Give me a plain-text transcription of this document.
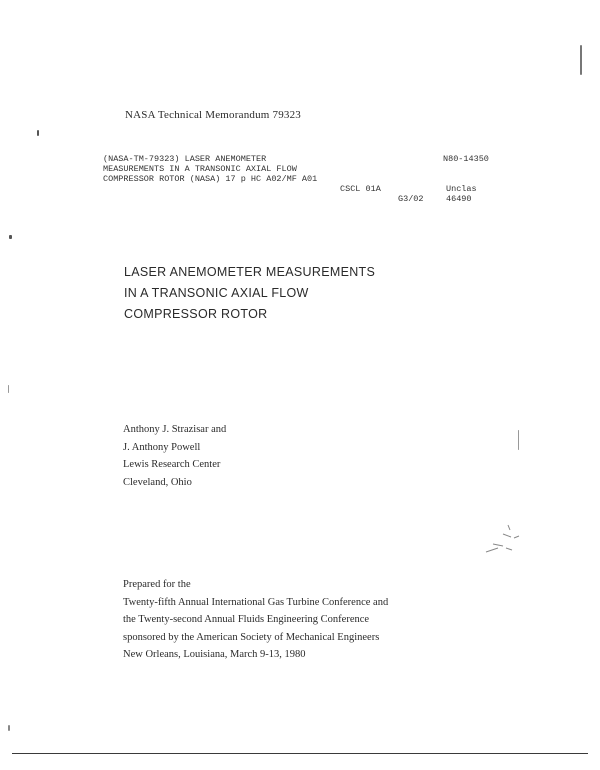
NASA Technical Memorandum 79323
(NASA-TM-79323) LASER ANEMOMETER
MEASUREMENTS IN A TRANSONIC AXIAL FLOW
COMPRESSOR ROTOR (NASA) 17 p HC A02/MF A01
N80-14350
CSCL 01A	Unclas
G3/02	46490
LASER ANEMOMETER MEASUREMENTS
IN A TRANSONIC AXIAL FLOW
COMPRESSOR ROTOR
Anthony J. Strazisar and
J. Anthony Powell
Lewis Research Center
Cleveland, Ohio
Prepared for the
Twenty-fifth Annual International Gas Turbine Conference and
the Twenty-second Annual Fluids Engineering Conference
sponsored by the American Society of Mechanical Engineers
New Orleans, Louisiana, March 9-13, 1980
